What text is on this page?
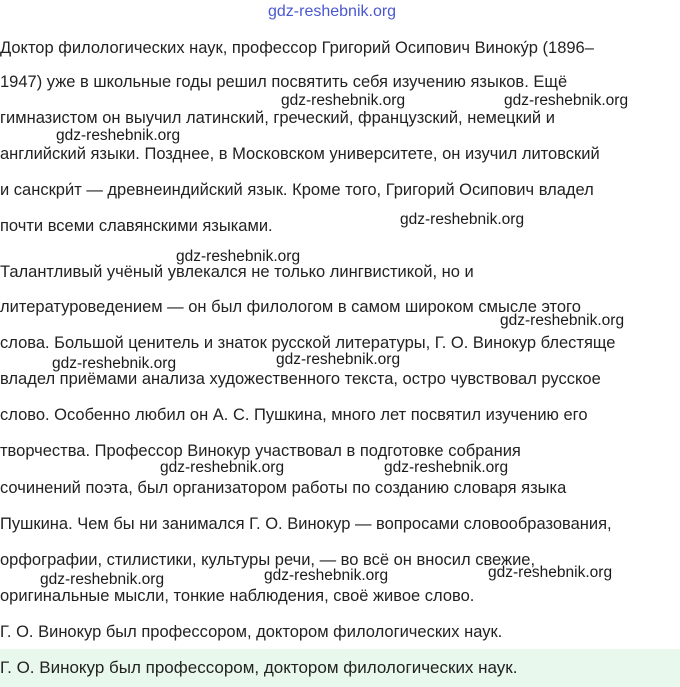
gdz-reshebnik.org
Доктор филологических наук, профессор Григорий Осипович Виноку́р (1896–
1947) уже в школьные годы решил посвятить себя изучению языков. Ещё
гимназистом он выучил латинский, греческий, французский, немецкий и
английский языки. Позднее, в Московском университете, он изучил литовский
и санскри́т — древнеиндийский язык. Кроме того, Григорий Осипович владел
почти всеми славянскими языками.
Талантливый учёный увлекался не только лингвистикой, но и
литературоведением — он был филологом в самом широком смысле этого
слова. Большой ценитель и знаток русской литературы, Г. О. Винокур блестяще
владел приёмами анализа художественного текста, остро чувствовал русское
слово. Особенно любил он А. С. Пушкина, много лет посвятил изучению его
творчества. Профессор Винокур участвовал в подготовке собрания
сочинений поэта, был организатором работы по созданию словаря языка
Пушкина. Чем бы ни занимался Г. О. Винокур — вопросами словообразования,
орфографии, стилистики, культуры речи, — во всё он вносил свежие,
оригинальные мысли, тонкие наблюдения, своё живое слово.
Г. О. Винокур был профессором, доктором филологических наук.
Г. О. Винокур был профессором, доктором филологических наук.
gdz-reshebnik.org	gdz-reshebnik.org
gdz-reshebnik.org
gdz-reshebnik.org
gdz-reshebnik.org
gdz-reshebnik.org
gdz-reshebnik.org
gdz-reshebnik.org
gdz-reshebnik.org	gdz-reshebnik.org
gdz-reshebnik.org
gdz-reshebnik.org
gdz-reshebnik.org
